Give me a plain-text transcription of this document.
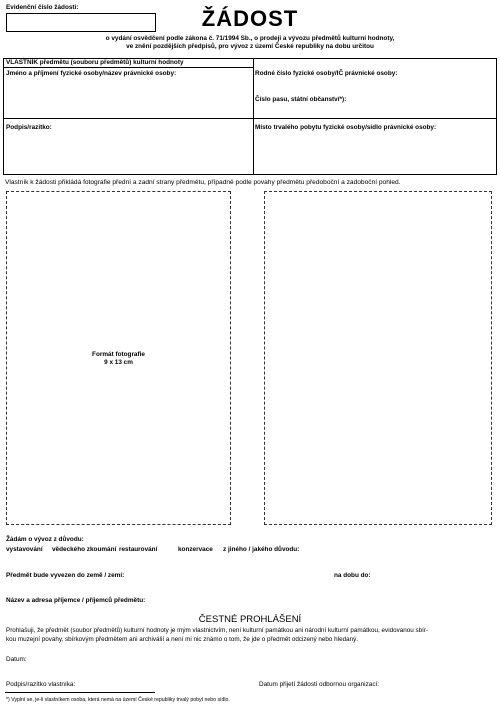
Evidenční číslo žádosti:	ŽÁDOST
o vydání osvědčení podle zákona č. 71/1994 Sb., o prodeji a vývozu předmětů kulturní hodnoty,
ve znění pozdějších předpisů, pro vývoz z území České republiky na dobu určitou
VLASTNÍK předmětu (souboru předmětů) kulturní hodnoty
Jméno a příjmení fyzické osoby/název právnické osoby:	Rodné číslo fyzické osoby/IČ právnické osoby:
Číslo pasu, státní občanství*):
Podpis/razítko:	Místo trvalého pobytu fyzické osoby/sídlo právnické osoby:
Vlastník k žádosti přikládá fotografie přední a zadní strany předmětu, případně podle povahy předmětu předoboční a zadoboční pohled.
Formát fotografie
9 x 13 cm
Žádám o vývoz z důvodu:
vystavování vědeckého zkoumání restaurování	konzervace z jiného / jakého důvodu:
Předmět bude vyvezen do země / zemí:	na dobu do:
Název a adresa příjemce / příjemců předmětu:
ČESTNÉ PROHLÁŠENÍ
Prohlašuji, že předmět (soubor předmětů) kulturní hodnoty je mým vlastnictvím, není kulturní památkou ani národní kulturní památkou, evidovanou sbír-
kou muzejní povahy, sbírkovým předmětem ani archiválií a není mi nic známo o tom, že jde o předmět odcizený nebo hledaný.
Datum:
Podpis/razítko vlastníka:	Datum přijetí žádosti odbornou organizací:
*) Vyplní se, je-li vlastníkem osoba, která nemá na území České republiky trvalý pobyt nebo sídlo.
